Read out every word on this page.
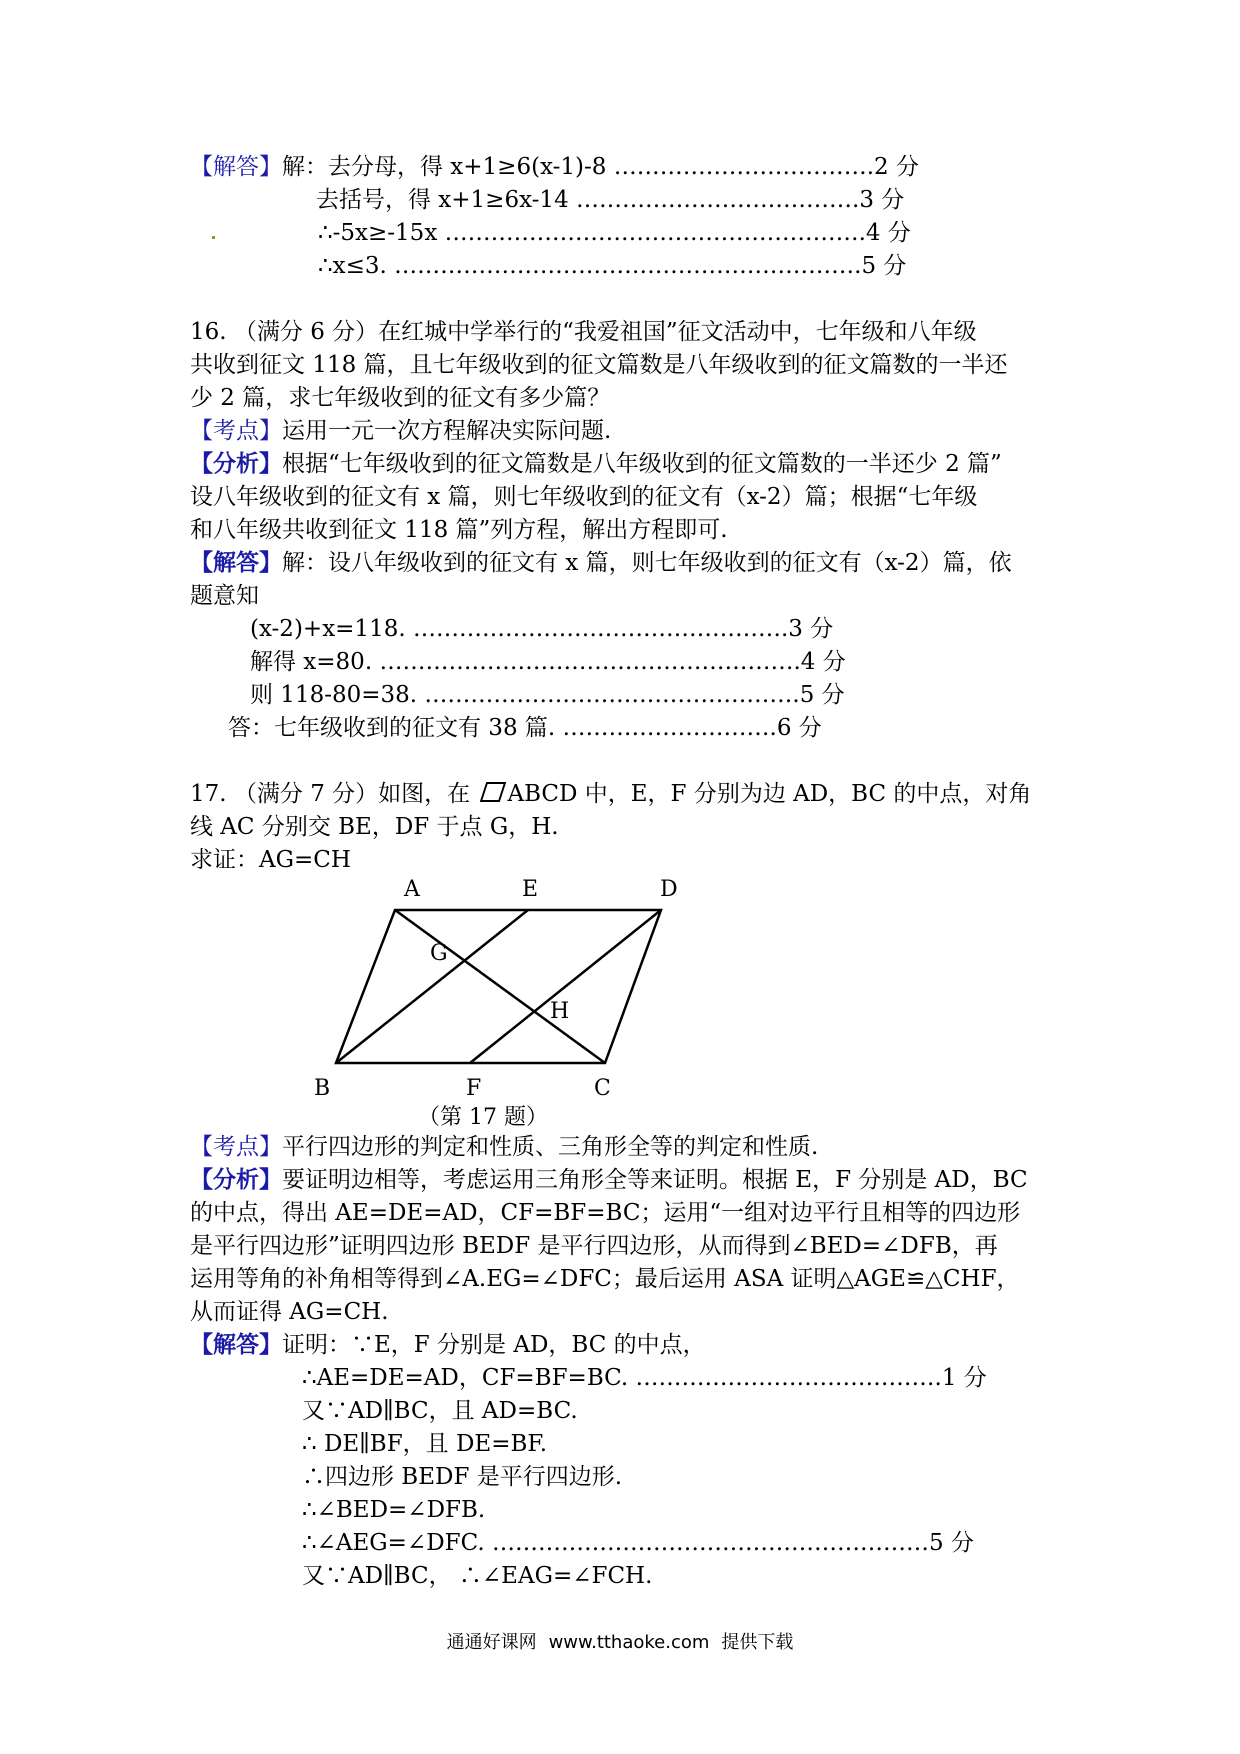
【解答】解：去分母，得 x+1≥6(x-1)-8 …………………………….2 分
去括号，得 x+1≥6x-14 ……………………………….3 分
∴-5x≥-15x ……………………………………………….4 分
∴x≤3. …………………………………………………….5 分
16. （满分 6 分）在红城中学举行的“我爱祖国”征文活动中，七年级和八年级
共收到征文 118 篇，且七年级收到的征文篇数是八年级收到的征文篇数的一半还
少 2 篇，求七年级收到的征文有多少篇？
【考点】运用一元一次方程解决实际问题.
【分析】根据“七年级收到的征文篇数是八年级收到的征文篇数的一半还少 2 篇”
设八年级收到的征文有 x 篇，则七年级收到的征文有（x-2）篇；根据“七年级
和八年级共收到征文 118 篇”列方程，解出方程即可.
【解答】解：设八年级收到的征文有 x 篇，则七年级收到的征文有（x-2）篇，依
题意知
(x-2)+x=118. ………………………………………….3 分
解得 x=80. ……………………………………………….4 分
则 118-80=38. ………………………………………….5 分
答：七年级收到的征文有 38 篇. ……………………….6 分
17. （满分 7 分）如图，在 ABCD 中，E，F 分别为边 AD，BC 的中点，对角
线 AC 分别交 BE，DF 于点 G，H.
求证：AG=CH
A	E	D
G
H
B	F	C
（第 17 题）
【考点】平行四边形的判定和性质、三角形全等的判定和性质.
【分析】要证明边相等，考虑运用三角形全等来证明。根据 E，F 分别是 AD，BC
的中点，得出 AE=DE=AD，CF=BF=BC；运用“一组对边平行且相等的四边形
是平行四边形”证明四边形 BEDF 是平行四边形，从而得到∠BED=∠DFB，再
运用等角的补角相等得到∠A.EG=∠DFC；最后运用 ASA 证明△AGE≌△CHF，
从而证得 AG=CH.
【解答】证明：∵E，F 分别是 AD，BC 的中点，
∴AE=DE=AD，CF=BF=BC. ………………………………….1 分
又∵AD∥BC，且 AD=BC.
∴ DE∥BF，且 DE=BF.
∴四边形 BEDF 是平行四边形.
∴∠BED=∠DFB.
∴∠AEG=∠DFC. …………………………………………………5 分
又∵AD∥BC， ∴∠EAG=∠FCH.
通通好课网 www.tthaoke.com 提供下载
